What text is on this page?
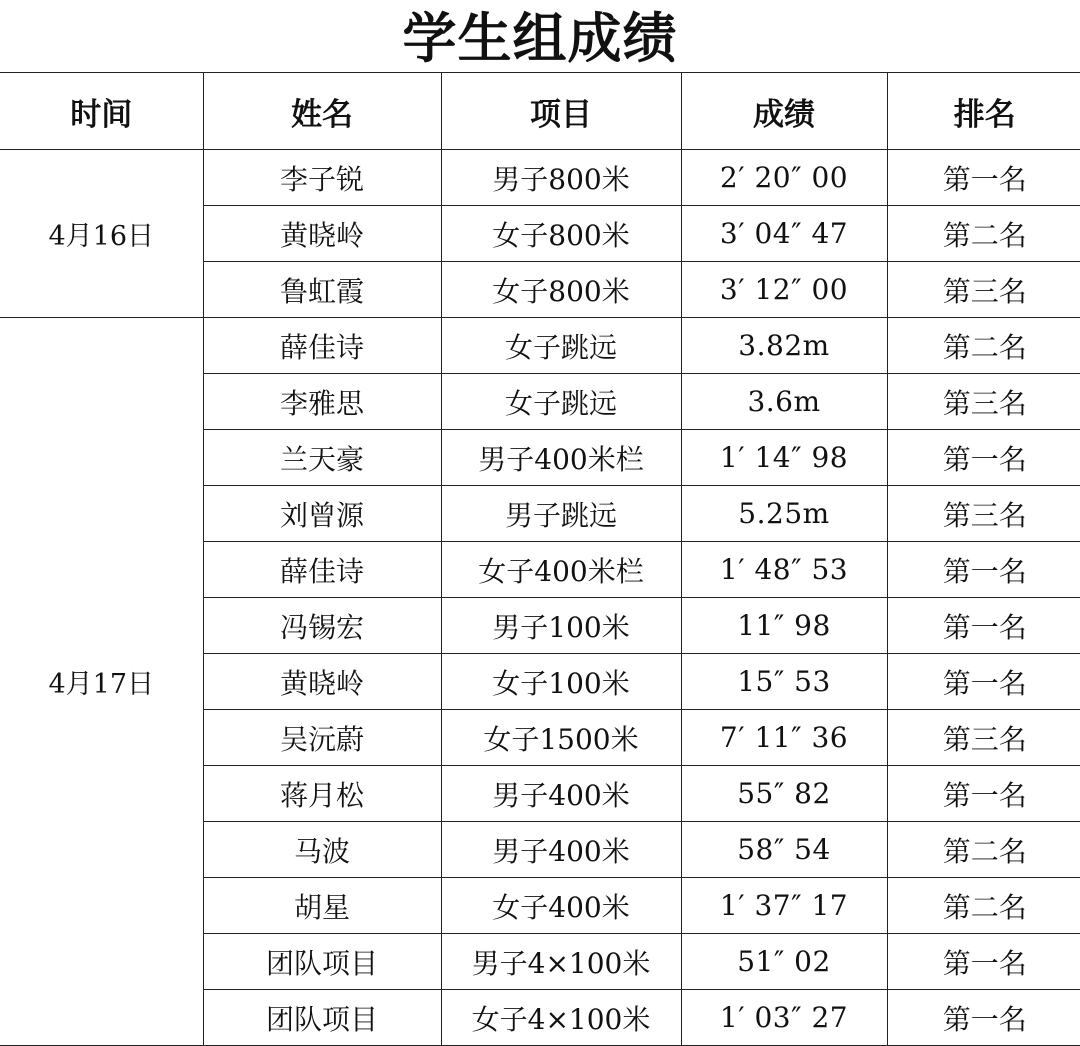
学生组成绩
时间	姓名	项目	成绩	排名
4月16日	李子锐	男子800米	2′ 20″ 00	第一名
	黄晓岭	女子800米	3′ 04″ 47	第二名
	鲁虹霞	女子800米	3′ 12″ 00	第三名
4月17日	薛佳诗	女子跳远	3.82m	第二名
	李雅思	女子跳远	3.6m	第三名
	兰天豪	男子400米栏	1′ 14″ 98	第一名
	刘曾源	男子跳远	5.25m	第三名
	薛佳诗	女子400米栏	1′ 48″ 53	第一名
	冯锡宏	男子100米	11″ 98	第一名
	黄晓岭	女子100米	15″ 53	第一名
	吴沅蔚	女子1500米	7′ 11″ 36	第三名
	蒋月松	男子400米	55″ 82	第一名
	马波	男子400米	58″ 54	第二名
	胡星	女子400米	1′ 37″ 17	第二名
	团队项目	男子4×100米	51″ 02	第一名
	团队项目	女子4×100米	1′ 03″ 27	第一名
